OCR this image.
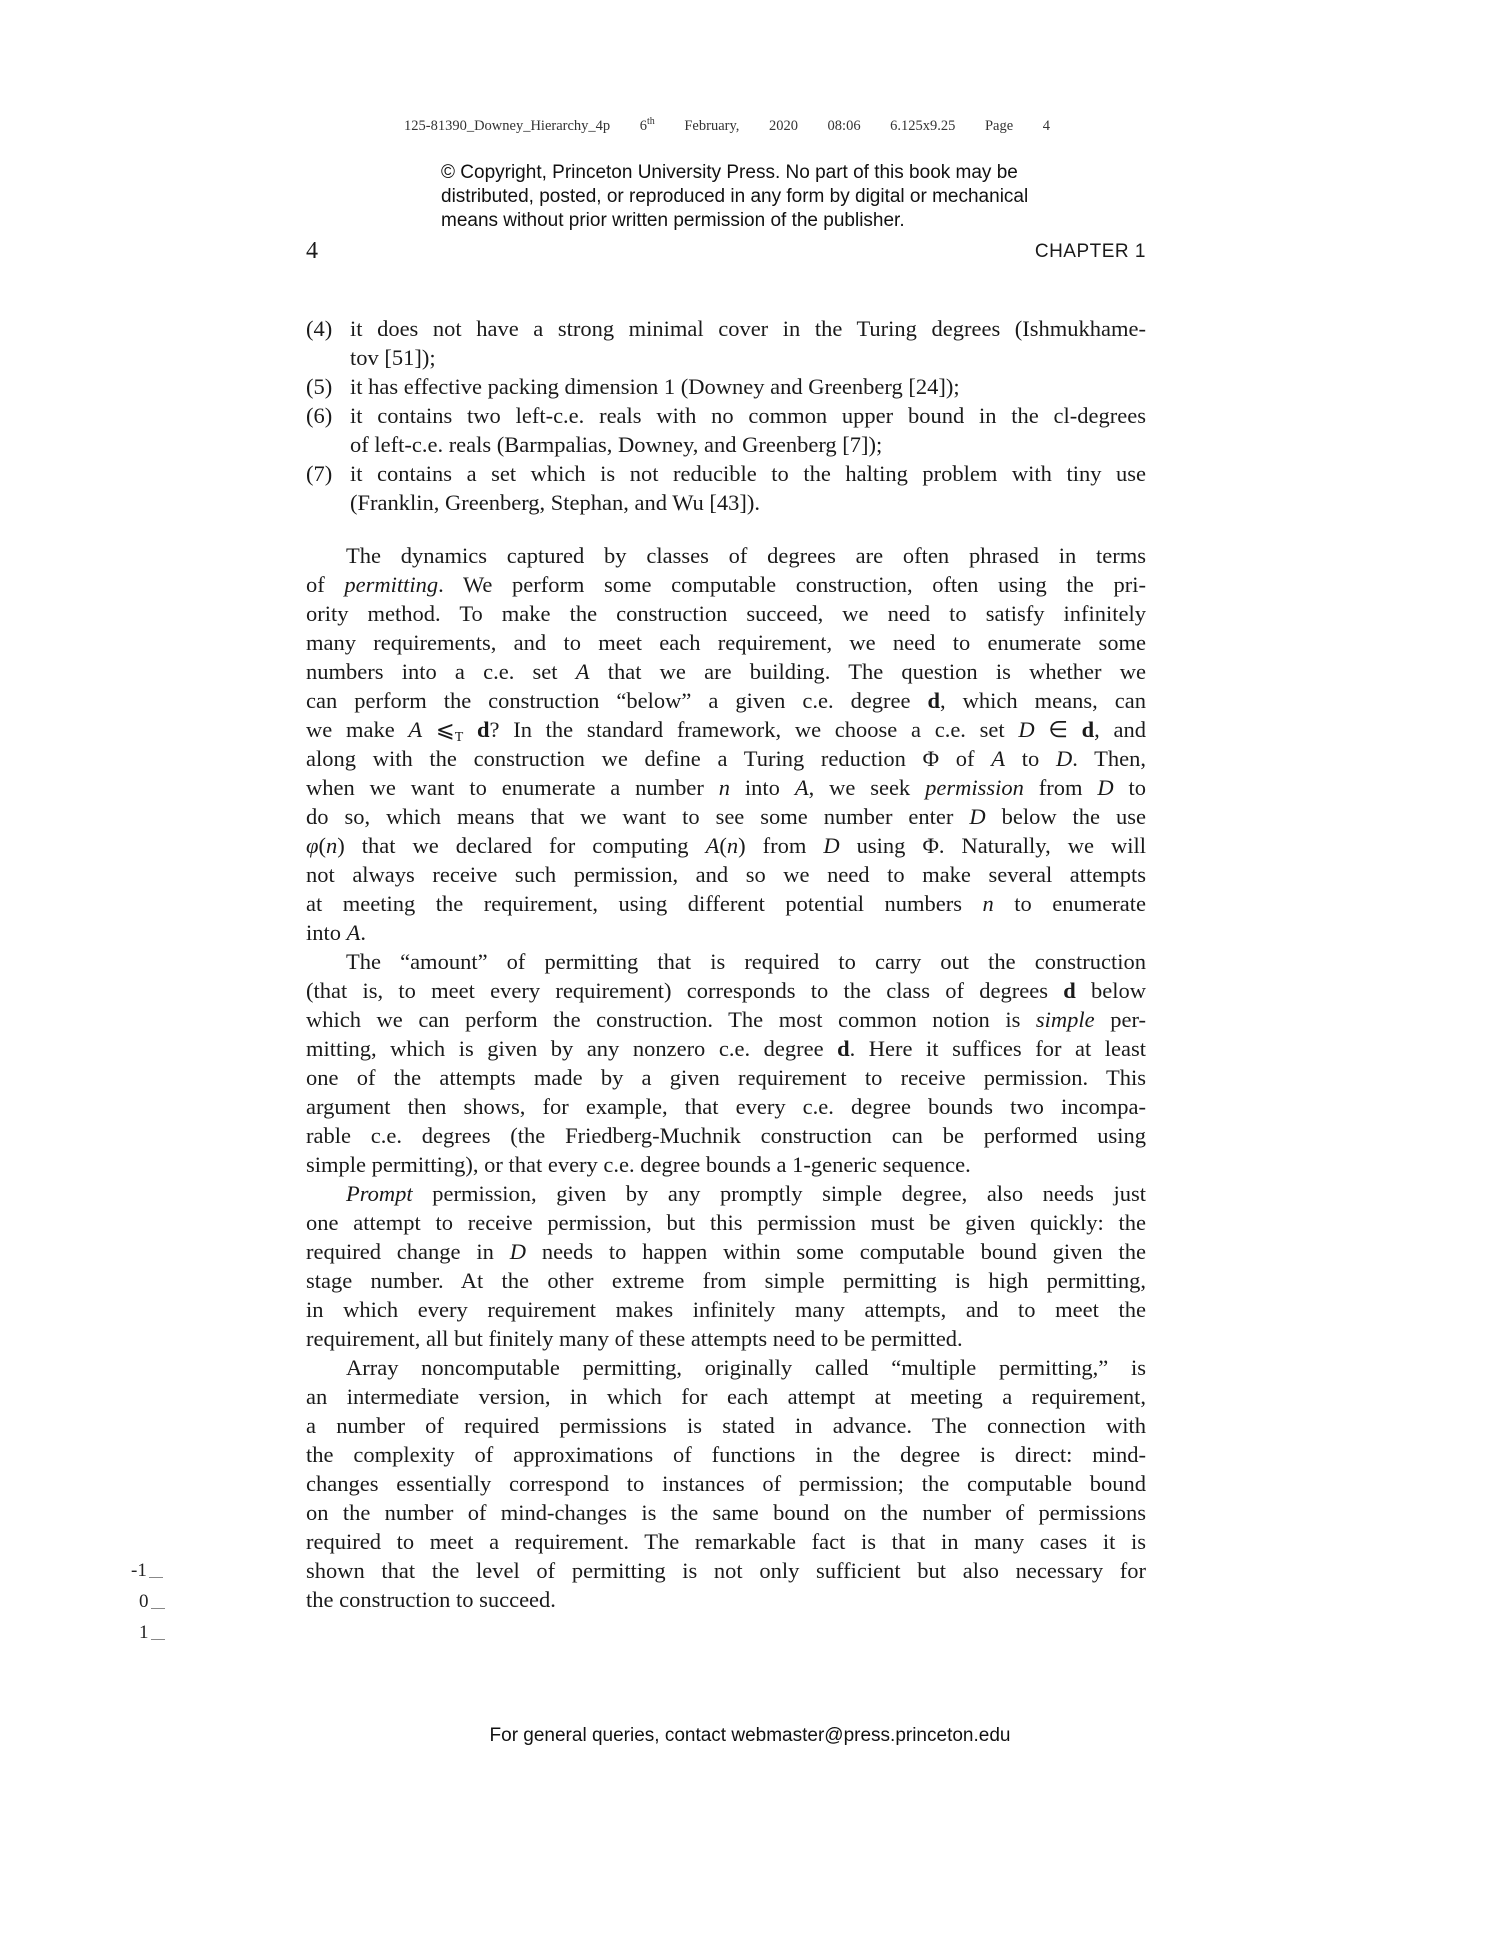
125-81390_Downey_Hierarchy_4p 6th February, 2020 08:06 6.125x9.25 Page 4
© Copyright, Princeton University Press. No part of this book may be
distributed, posted, or reproduced in any form by digital or mechanical
means without prior written permission of the publisher.
4	CHAPTER 1
(4) it does not have a strong minimal cover in the Turing degrees (Ishmukhame-
tov [51]);
(5) it has effective packing dimension 1 (Downey and Greenberg [24]);
(6) it contains two left-c.e. reals with no common upper bound in the cl-degrees
of left-c.e. reals (Barmpalias, Downey, and Greenberg [7]);
(7) it contains a set which is not reducible to the halting problem with tiny use
(Franklin, Greenberg, Stephan, and Wu [43]).
The dynamics captured by classes of degrees are often phrased in terms
of permitting. We perform some computable construction, often using the pri-
ority method. To make the construction succeed, we need to satisfy infinitely
many requirements, and to meet each requirement, we need to enumerate some
numbers into a c.e. set A that we are building. The question is whether we
can perform the construction “below” a given c.e. degree d, which means, can
we make A $⩽_T$ d? In the standard framework, we choose a c.e. set D ∈ d, and
along with the construction we define a Turing reduction Φ of A to D. Then,
when we want to enumerate a number n into A, we seek permission from D to
do so, which means that we want to see some number enter D below the use
φ(n) that we declared for computing A(n) from D using Φ. Naturally, we will
not always receive such permission, and so we need to make several attempts
at meeting the requirement, using different potential numbers n to enumerate
into A.
The “amount” of permitting that is required to carry out the construction
(that is, to meet every requirement) corresponds to the class of degrees d below
which we can perform the construction. The most common notion is simple per-
mitting, which is given by any nonzero c.e. degree d. Here it suffices for at least
one of the attempts made by a given requirement to receive permission. This
argument then shows, for example, that every c.e. degree bounds two incompa-
rable c.e. degrees (the Friedberg-Muchnik construction can be performed using
simple permitting), or that every c.e. degree bounds a 1-generic sequence.
Prompt permission, given by any promptly simple degree, also needs just
one attempt to receive permission, but this permission must be given quickly: the
required change in D needs to happen within some computable bound given the
stage number. At the other extreme from simple permitting is high permitting,
in which every requirement makes infinitely many attempts, and to meet the
requirement, all but finitely many of these attempts need to be permitted.
Array noncomputable permitting, originally called “multiple permitting,” is
an intermediate version, in which for each attempt at meeting a requirement,
a number of required permissions is stated in advance. The connection with
the complexity of approximations of functions in the degree is direct: mind-
changes essentially correspond to instances of permission; the computable bound
on the number of mind-changes is the same bound on the number of permissions
required to meet a requirement. The remarkable fact is that in many cases it is
shown that the level of permitting is not only sufficient but also necessary for
the construction to succeed.
-1
0
1
For general queries, contact webmaster@press.princeton.edu
